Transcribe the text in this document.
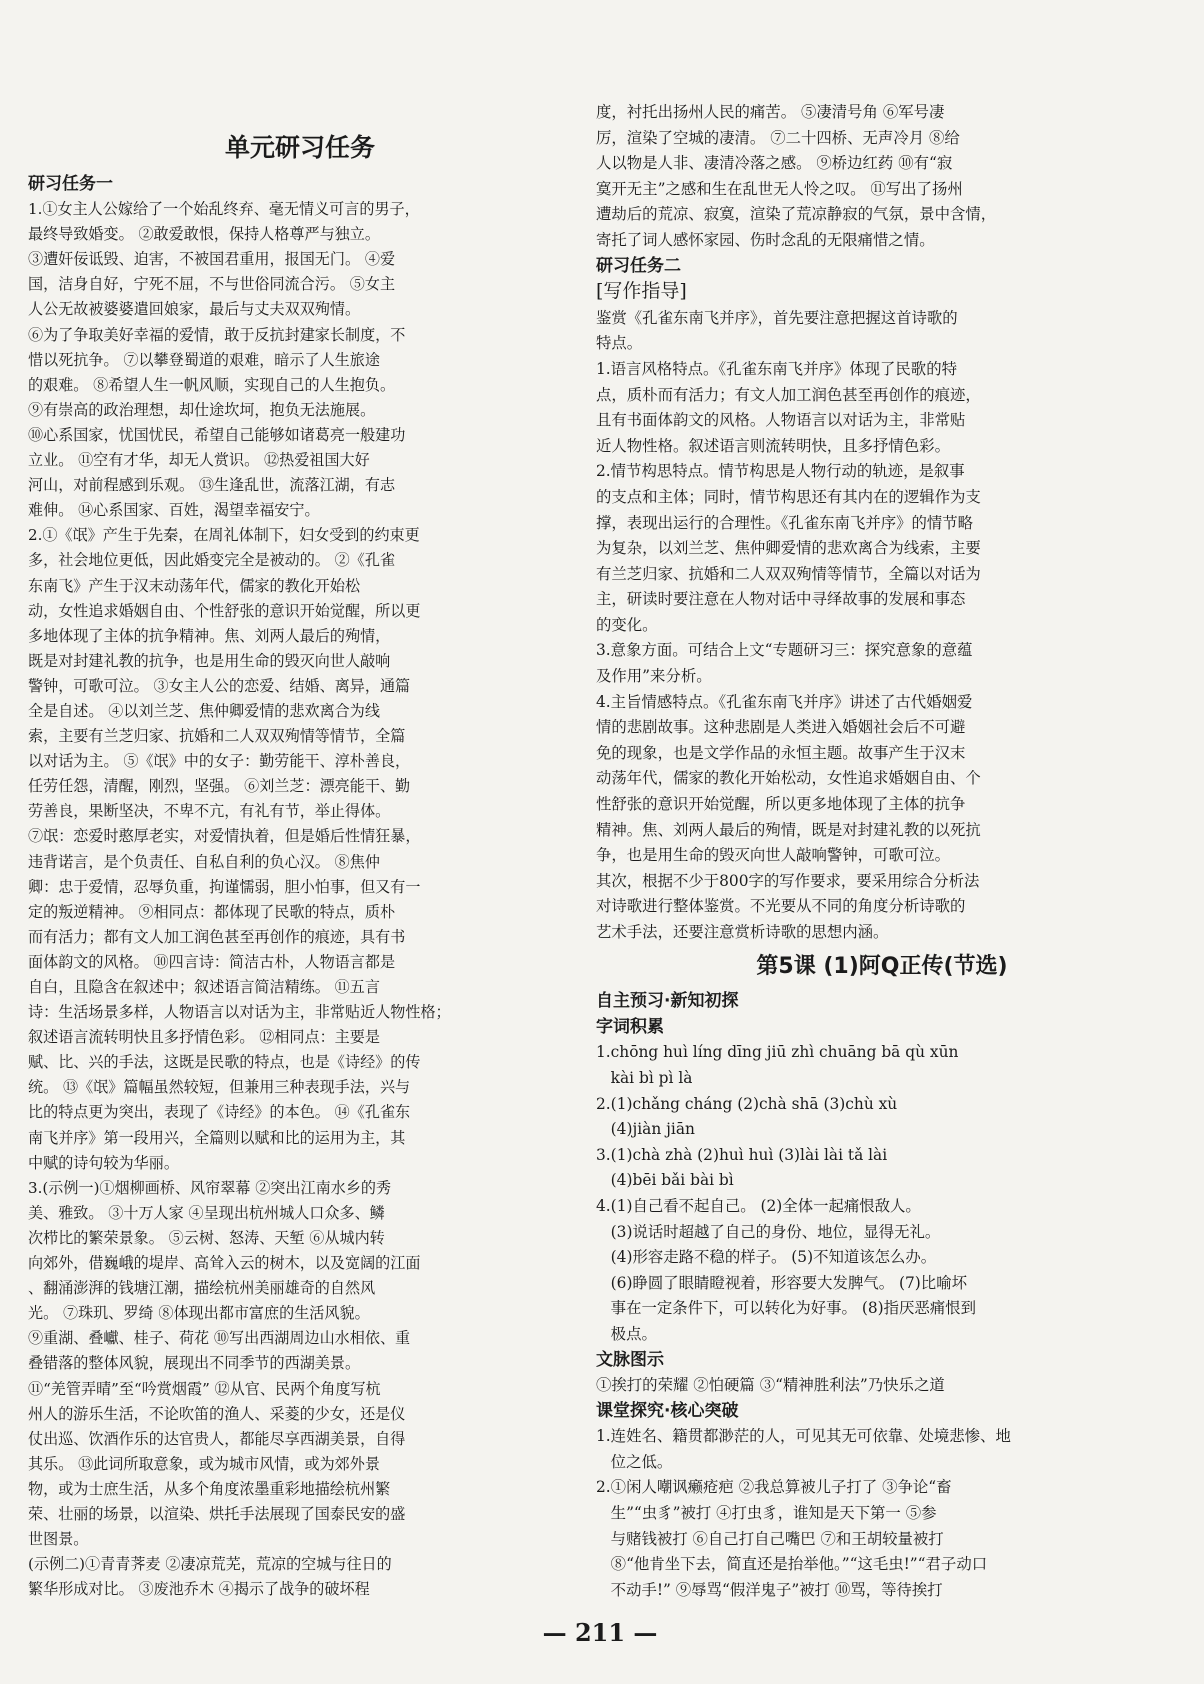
单元研习任务
研习任务一
1.①女主人公嫁给了一个始乱终弃、毫无情义可言的男子，
最终导致婚变。 ②敢爱敢恨，保持人格尊严与独立。
③遭奸佞诋毁、迫害，不被国君重用，报国无门。 ④爱
国，洁身自好，宁死不屈，不与世俗同流合污。 ⑤女主
人公无故被婆婆遣回娘家，最后与丈夫双双殉情。
⑥为了争取美好幸福的爱情，敢于反抗封建家长制度，不
惜以死抗争。 ⑦以攀登蜀道的艰难，暗示了人生旅途
的艰难。 ⑧希望人生一帆风顺，实现自己的人生抱负。
⑨有崇高的政治理想，却仕途坎坷，抱负无法施展。
⑩心系国家，忧国忧民，希望自己能够如诸葛亮一般建功
立业。 ⑪空有才华，却无人赏识。 ⑫热爱祖国大好
河山，对前程感到乐观。 ⑬生逢乱世，流落江湖，有志
难伸。 ⑭心系国家、百姓，渴望幸福安宁。
2.①《氓》产生于先秦，在周礼体制下，妇女受到的约束更
多，社会地位更低，因此婚变完全是被动的。 ②《孔雀
东南飞》产生于汉末动荡年代，儒家的教化开始松
动，女性追求婚姻自由、个性舒张的意识开始觉醒，所以更
多地体现了主体的抗争精神。焦、刘两人最后的殉情，
既是对封建礼教的抗争，也是用生命的毁灭向世人敲响
警钟，可歌可泣。 ③女主人公的恋爱、结婚、离异，通篇
全是自述。 ④以刘兰芝、焦仲卿爱情的悲欢离合为线
索，主要有兰芝归家、抗婚和二人双双殉情等情节，全篇
以对话为主。 ⑤《氓》中的女子：勤劳能干、淳朴善良，
任劳任怨，清醒，刚烈，坚强。 ⑥刘兰芝：漂亮能干、勤
劳善良，果断坚决，不卑不亢，有礼有节，举止得体。
⑦氓：恋爱时憨厚老实，对爱情执着，但是婚后性情狂暴，
违背诺言，是个负责任、自私自利的负心汉。 ⑧焦仲
卿：忠于爱情，忍辱负重，拘谨懦弱，胆小怕事，但又有一
定的叛逆精神。 ⑨相同点：都体现了民歌的特点，质朴
而有活力；都有文人加工润色甚至再创作的痕迹，具有书
面体韵文的风格。 ⑩四言诗：简洁古朴，人物语言都是
自白，且隐含在叙述中；叙述语言简洁精练。 ⑪五言
诗：生活场景多样，人物语言以对话为主，非常贴近人物性格；
叙述语言流转明快且多抒情色彩。 ⑫相同点：主要是
赋、比、兴的手法，这既是民歌的特点，也是《诗经》的传
统。 ⑬《氓》篇幅虽然较短，但兼用三种表现手法，兴与
比的特点更为突出，表现了《诗经》的本色。 ⑭《孔雀东
南飞并序》第一段用兴，全篇则以赋和比的运用为主，其
中赋的诗句较为华丽。
3.(示例一)①烟柳画桥、风帘翠幕 ②突出江南水乡的秀
美、雅致。 ③十万人家 ④呈现出杭州城人口众多、鳞
次栉比的繁荣景象。 ⑤云树、怒涛、天堑 ⑥从城内转
向郊外，借巍峨的堤岸、高耸入云的树木，以及宽阔的江面
、翻涌澎湃的钱塘江潮，描绘杭州美丽雄奇的自然风
光。 ⑦珠玑、罗绮 ⑧体现出都市富庶的生活风貌。
⑨重湖、叠巘、桂子、荷花 ⑩写出西湖周边山水相依、重
叠错落的整体风貌，展现出不同季节的西湖美景。
⑪“羌管弄晴”至“吟赏烟霞” ⑫从官、民两个角度写杭
州人的游乐生活，不论吹笛的渔人、采菱的少女，还是仪
仗出巡、饮酒作乐的达官贵人，都能尽享西湖美景，自得
其乐。 ⑬此词所取意象，或为城市风情，或为郊外景
物，或为士庶生活，从多个角度浓墨重彩地描绘杭州繁
荣、壮丽的场景，以渲染、烘托手法展现了国泰民安的盛
世图景。
(示例二)①青青荠麦 ②凄凉荒芜，荒凉的空城与往日的
繁华形成对比。 ③废池乔木 ④揭示了战争的破坏程
度，衬托出扬州人民的痛苦。 ⑤凄清号角 ⑥军号凄
厉，渲染了空城的凄清。 ⑦二十四桥、无声冷月 ⑧给
人以物是人非、凄清冷落之感。 ⑨桥边红药 ⑩有“寂
寞开无主”之感和生在乱世无人怜之叹。 ⑪写出了扬州
遭劫后的荒凉、寂寞，渲染了荒凉静寂的气氛，景中含情，
寄托了词人感怀家园、伤时念乱的无限痛惜之情。
研习任务二
[写作指导]
鉴赏《孔雀东南飞并序》，首先要注意把握这首诗歌的
特点。
1.语言风格特点。《孔雀东南飞并序》体现了民歌的特
点，质朴而有活力；有文人加工润色甚至再创作的痕迹，
且有书面体韵文的风格。人物语言以对话为主，非常贴
近人物性格。叙述语言则流转明快，且多抒情色彩。
2.情节构思特点。情节构思是人物行动的轨迹，是叙事
的支点和主体；同时，情节构思还有其内在的逻辑作为支
撑，表现出运行的合理性。《孔雀东南飞并序》的情节略
为复杂，以刘兰芝、焦仲卿爱情的悲欢离合为线索，主要
有兰芝归家、抗婚和二人双双殉情等情节，全篇以对话为
主，研读时要注意在人物对话中寻绎故事的发展和事态
的变化。
3.意象方面。可结合上文“专题研习三：探究意象的意蕴
及作用”来分析。
4.主旨情感特点。《孔雀东南飞并序》讲述了古代婚姻爱
情的悲剧故事。这种悲剧是人类进入婚姻社会后不可避
免的现象，也是文学作品的永恒主题。故事产生于汉末
动荡年代，儒家的教化开始松动，女性追求婚姻自由、个
性舒张的意识开始觉醒，所以更多地体现了主体的抗争
精神。焦、刘两人最后的殉情，既是对封建礼教的以死抗
争，也是用生命的毁灭向世人敲响警钟，可歌可泣。
其次，根据不少于800字的写作要求，要采用综合分析法
对诗歌进行整体鉴赏。不光要从不同的角度分析诗歌的
艺术手法，还要注意赏析诗歌的思想内涵。
第5课 (1)阿Q正传(节选)
自主预习·新知初探
字词积累
1.chōng huì líng dīng jiū zhì chuāng bā qù xūn
kài bì pì là
2.(1)chǎng cháng (2)chà shā (3)chù xù
(4)jiàn jiān
3.(1)chà zhà (2)huì huì (3)lài lài tǎ lài
(4)bēi bǎi bài bì
4.(1)自己看不起自己。 (2)全体一起痛恨敌人。
(3)说话时超越了自己的身份、地位，显得无礼。
(4)形容走路不稳的样子。 (5)不知道该怎么办。
(6)睁圆了眼睛瞪视着，形容要大发脾气。 (7)比喻坏
事在一定条件下，可以转化为好事。 (8)指厌恶痛恨到
极点。
文脉图示
①挨打的荣耀 ②怕硬篇 ③“精神胜利法”乃快乐之道
课堂探究·核心突破
1.连姓名、籍贯都渺茫的人，可见其无可依靠、处境悲惨、地
位之低。
2.①闲人嘲讽癞疮疤 ②我总算被儿子打了 ③争论“畜
生”“虫豸”被打 ④打虫豸，谁知是天下第一 ⑤参
与赌钱被打 ⑥自己打自己嘴巴 ⑦和王胡较量被打
⑧“他肯坐下去，简直还是抬举他。”“这毛虫!”“君子动口
不动手!” ⑨辱骂“假洋鬼子”被打 ⑩骂，等待挨打
— 211 —
